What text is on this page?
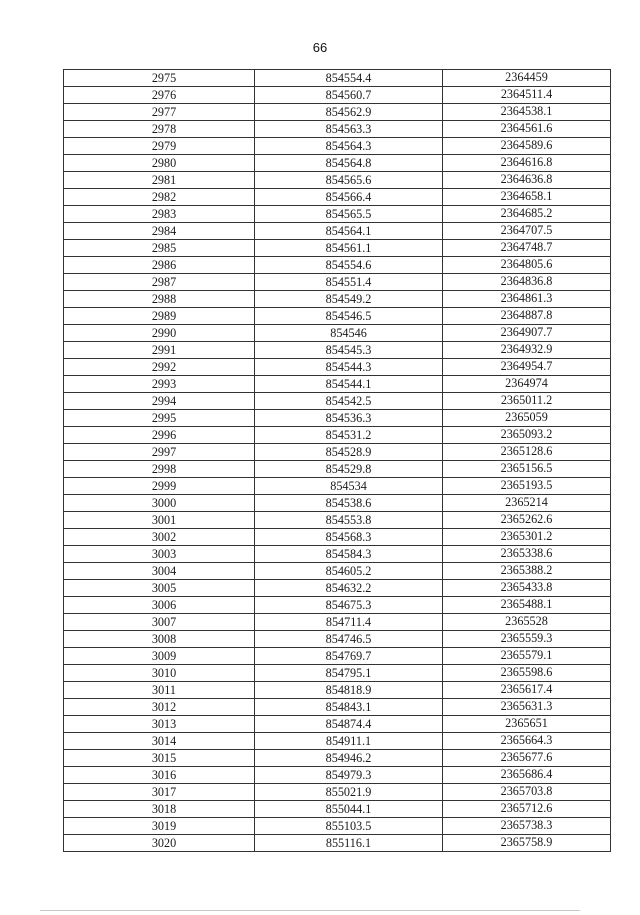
66
2975	854554.4	2364459
2976	854560.7	2364511.4
2977	854562.9	2364538.1
2978	854563.3	2364561.6
2979	854564.3	2364589.6
2980	854564.8	2364616.8
2981	854565.6	2364636.8
2982	854566.4	2364658.1
2983	854565.5	2364685.2
2984	854564.1	2364707.5
2985	854561.1	2364748.7
2986	854554.6	2364805.6
2987	854551.4	2364836.8
2988	854549.2	2364861.3
2989	854546.5	2364887.8
2990	854546	2364907.7
2991	854545.3	2364932.9
2992	854544.3	2364954.7
2993	854544.1	2364974
2994	854542.5	2365011.2
2995	854536.3	2365059
2996	854531.2	2365093.2
2997	854528.9	2365128.6
2998	854529.8	2365156.5
2999	854534	2365193.5
3000	854538.6	2365214
3001	854553.8	2365262.6
3002	854568.3	2365301.2
3003	854584.3	2365338.6
3004	854605.2	2365388.2
3005	854632.2	2365433.8
3006	854675.3	2365488.1
3007	854711.4	2365528
3008	854746.5	2365559.3
3009	854769.7	2365579.1
3010	854795.1	2365598.6
3011	854818.9	2365617.4
3012	854843.1	2365631.3
3013	854874.4	2365651
3014	854911.1	2365664.3
3015	854946.2	2365677.6
3016	854979.3	2365686.4
3017	855021.9	2365703.8
3018	855044.1	2365712.6
3019	855103.5	2365738.3
3020	855116.1	2365758.9
